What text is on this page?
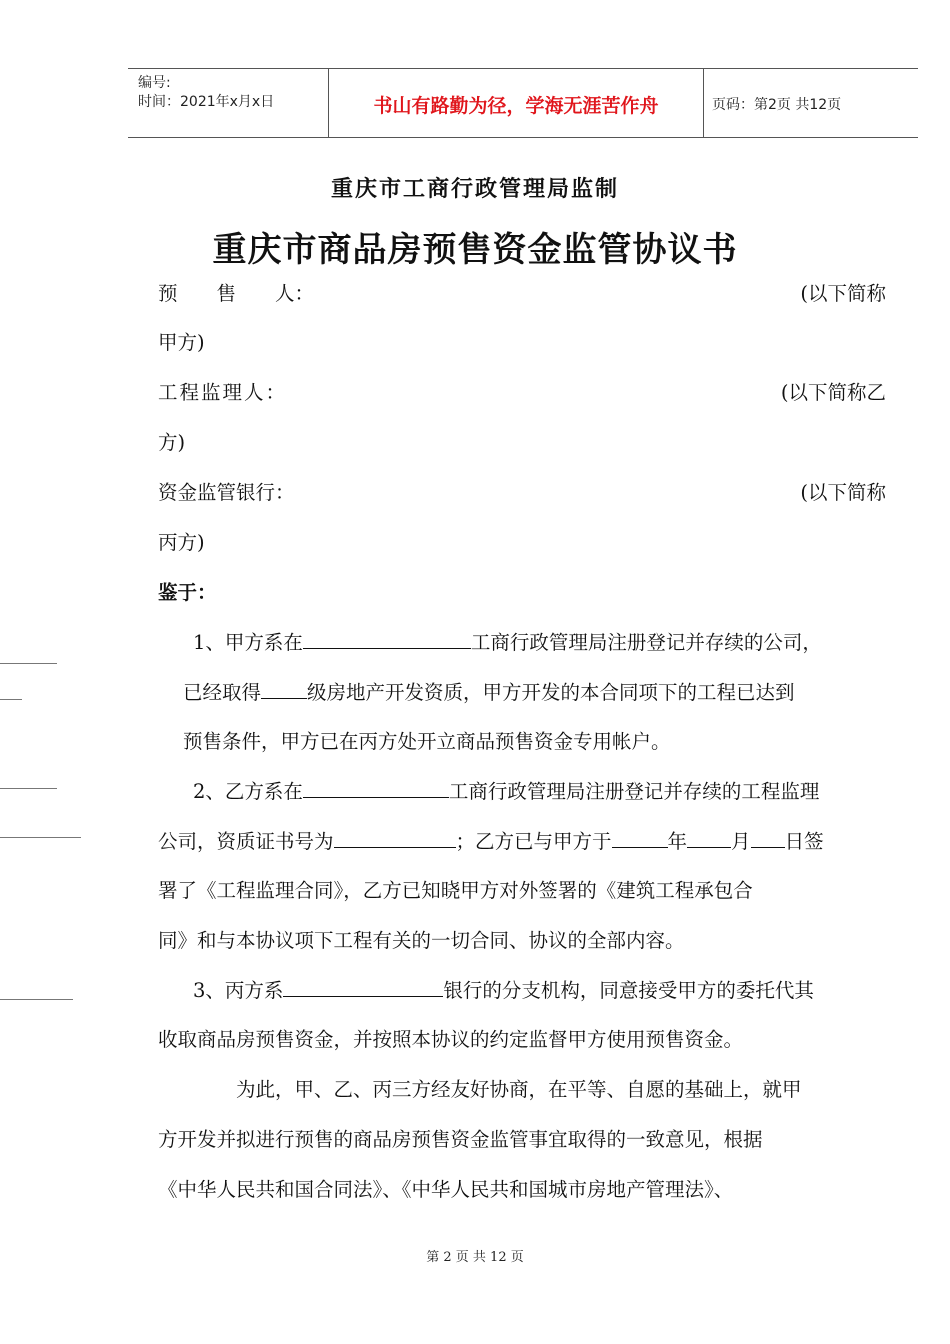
编号:
时间：2021年x月x日	书山有路勤为径，学海无涯苦作舟	页码：第2页 共12页
重庆市工商行政管理局监制
重庆市商品房预售资金监管协议书
预　　售　　人：	(以下简称
甲方)
工程监理人：	(以下简称乙
方)
资金监管银行：	(以下简称
丙方)
鉴于：
1、甲方系在	工商行政管理局注册登记并存续的公司，
已经取得 级房地产开发资质，甲方开发的本合同项下的工程已达到
预售条件，甲方已在丙方处开立商品预售资金专用帐户。
2、乙方系在	工商行政管理局注册登记并存续的工程监理
公司，资质证书号为	；乙方已与甲方于	年 月 日签
署了《工程监理合同》，乙方已知晓甲方对外签署的《建筑工程承包合
同》和与本协议项下工程有关的一切合同、协议的全部内容。
3、丙方系	银行的分支机构，同意接受甲方的委托代其
收取商品房预售资金，并按照本协议的约定监督甲方使用预售资金。
为此，甲、乙、丙三方经友好协商，在平等、自愿的基础上，就甲
方开发并拟进行预售的商品房预售资金监管事宜取得的一致意见，根据
《中华人民共和国合同法》、《中华人民共和国城市房地产管理法》、
第 2 页 共 12 页
